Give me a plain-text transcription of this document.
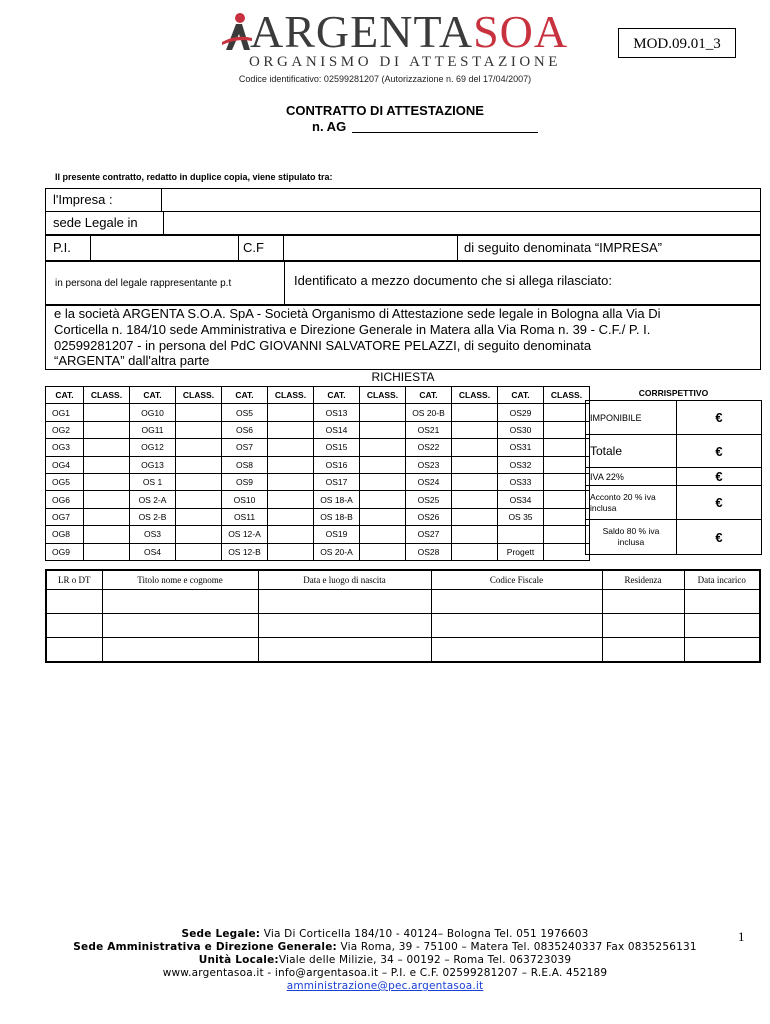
ARGENTASOA
ORGANISMO DI ATTESTAZIONE
MOD.09.01_3
Codice identificativo: 02599281207 (Autorizzazione n. 69 del 17/04/2007)
CONTRATTO DI ATTESTAZIONE
n. AG
Il presente contratto, redatto in duplice copia, viene stipulato tra:
l'Impresa :
sede Legale in
P.I.	C.F	di seguito denominata “IMPRESA”
in persona del legale rappresentante p.t	Identificato a mezzo documento che si allega rilasciato:
e la società ARGENTA S.O.A. SpA - Società Organismo di Attestazione sede legale in Bologna alla Via Di
Corticella n. 184/10 sede Amministrativa e Direzione Generale in Matera alla Via Roma n. 39 - C.F./ P. I.
02599281207 - in persona del PdC GIOVANNI SALVATORE PELAZZI, di seguito denominata
“ARGENTA” dall'altra parte
RICHIESTA
CAT.	CLASS.	CAT.	CLASS.	CAT.	CLASS.	CAT.	CLASS.	CAT.	CLASS.	CAT.	CLASS.
OG1		OG10		OS5		OS13		OS 20-B		OS29	
OG2		OG11		OS6		OS14		OS21		OS30	
OG3		OG12		OS7		OS15		OS22		OS31	
OG4		OG13		OS8		OS16		OS23		OS32	
OG5		OS 1		OS9		OS17		OS24		OS33	
OG6		OS 2-A		OS10		OS 18-A		OS25		OS34	
OG7		OS 2-B		OS11		OS 18-B		OS26		OS 35	
OG8		OS3		OS 12-A		OS19		OS27			
OG9		OS4		OS 12-B		OS 20-A		OS28		Progett	
CORRISPETTIVO	
IMPONIBILE	€
Totale	€
IVA 22%	€
Acconto 20 % iva inclusa	€
Saldo 80 % iva inclusa	€
LR o DT	Titolo nome e cognome	Data e luogo di nascita	Codice Fiscale	Residenza	Data incarico

Sede Legale: Via Di Corticella 184/10 - 40124– Bologna Tel. 051 1976603
Sede Amministrativa e Direzione Generale: Via Roma, 39 - 75100 – Matera Tel. 0835240337 Fax 0835256131
Unità Locale:Viale delle Milizie, 34 – 00192 – Roma Tel. 063723039
www.argentasoa.it - info@argentasoa.it – P.I. e C.F. 02599281207 – R.E.A. 452189
amministrazione@pec.argentasoa.it
1
